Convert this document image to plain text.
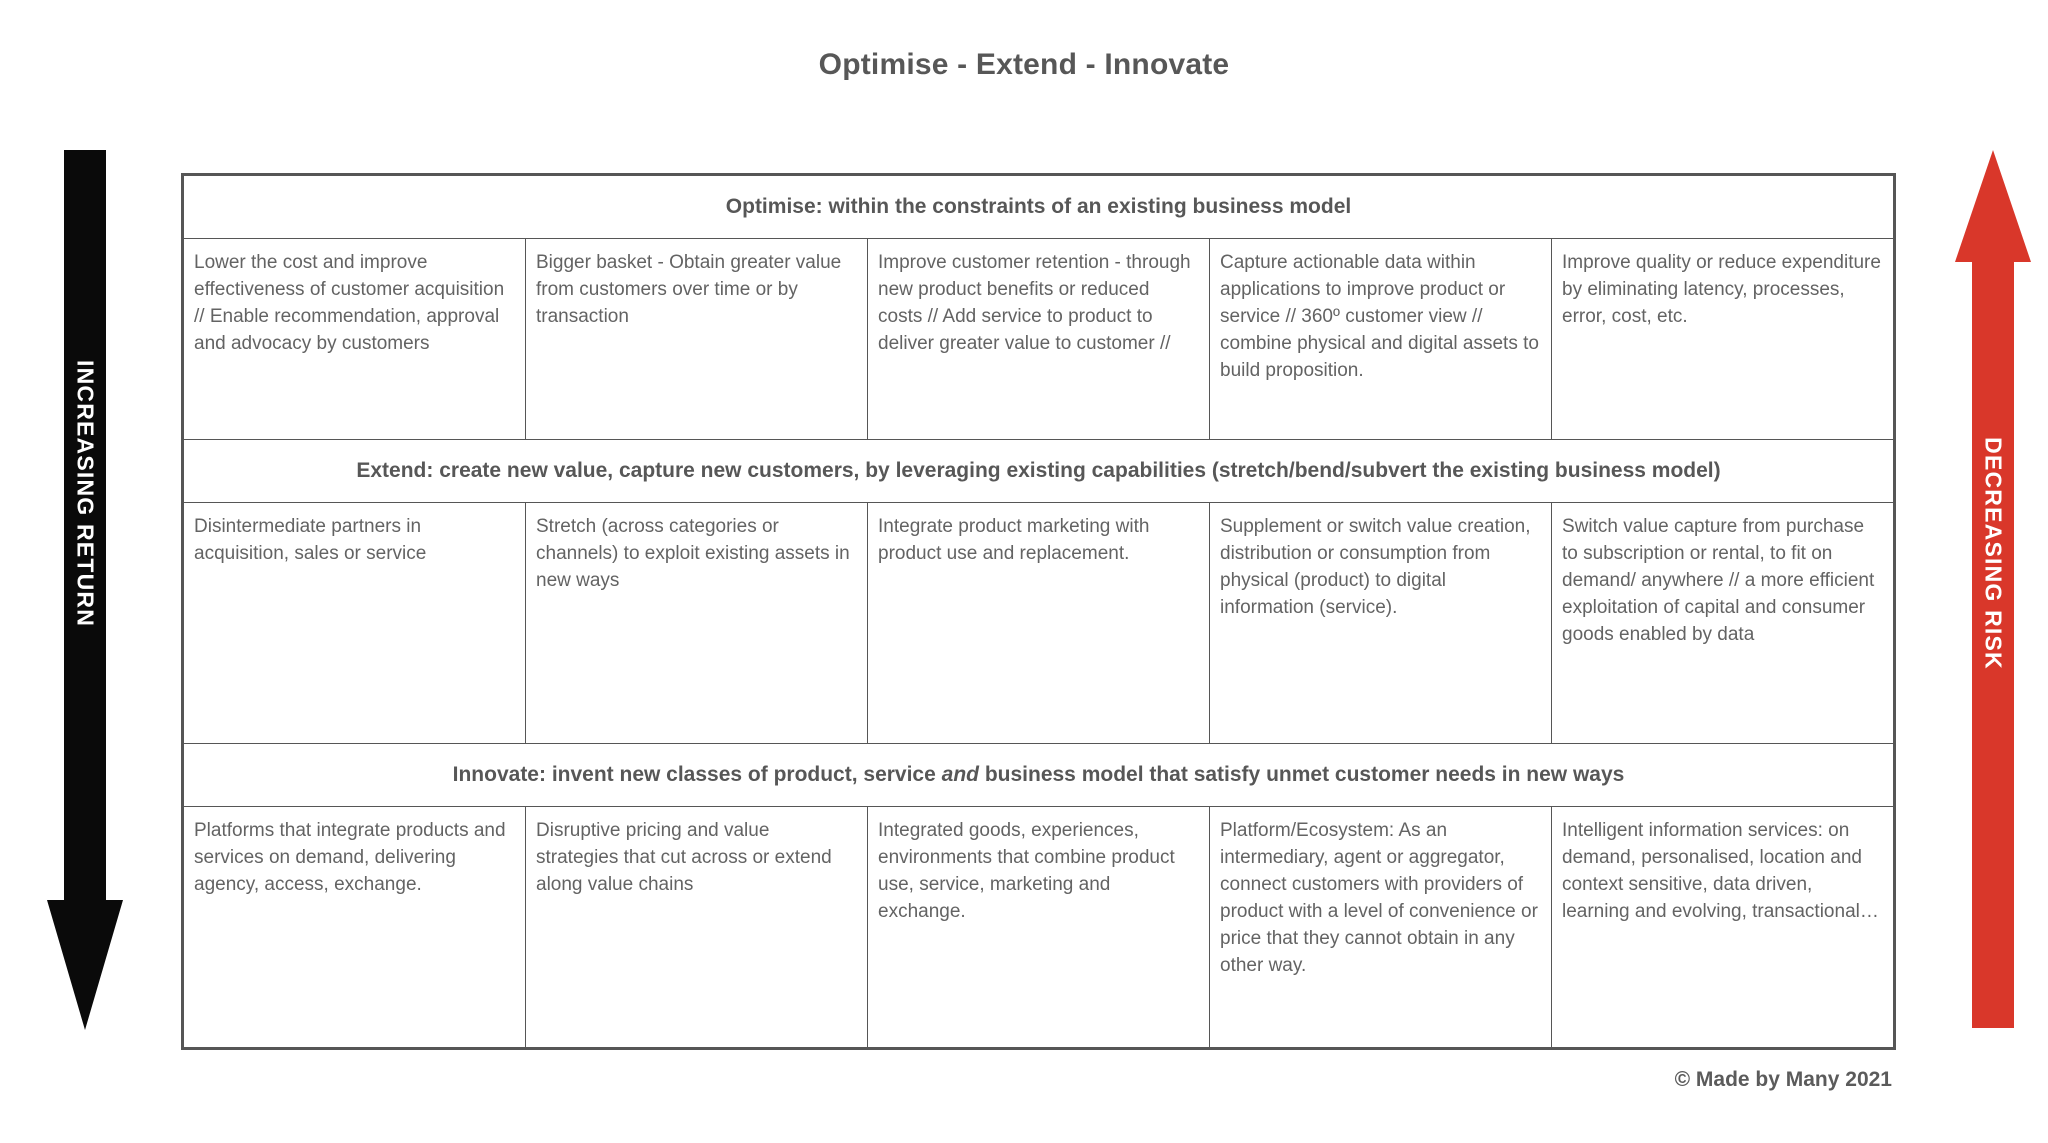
Optimise - Extend - Innovate
INCREASING RETURN	DECREASING RISK
Optimise: within the constraints of an existing business model				
Lower the cost and improve effectiveness of customer acquisition // Enable recommendation, approval and advocacy by customers	Bigger basket - Obtain greater value from customers over time or by transaction	Improve customer retention - through new product benefits or reduced costs // Add service to product to deliver greater value to customer //	Capture actionable data within applications to improve product or service // 360º customer view // combine physical and digital assets to build proposition.	Improve quality or reduce expenditure by eliminating latency, processes, error, cost, etc.
Extend: create new value, capture new customers, by leveraging existing capabilities (stretch/bend/subvert the existing business model)				
Disintermediate partners in acquisition, sales or service	Stretch (across categories or channels) to exploit existing assets in new ways	Integrate product marketing with product use and replacement.	Supplement or switch value creation, distribution or consumption from physical (product) to digital information (service).	Switch value capture from purchase to subscription or rental, to fit on demand/ anywhere // a more efficient exploitation of capital and consumer goods enabled by data
Innovate: invent new classes of product, service and business model that satisfy unmet customer needs in new ways				
Platforms that integrate products and services on demand, delivering agency, access, exchange.	Disruptive pricing and value strategies that cut across or extend along value chains	Integrated goods, experiences, environments that combine product use, service, marketing and exchange.	Platform/Ecosystem: As an intermediary, agent or aggregator, connect customers with providers of product with a level of convenience or price that they cannot obtain in any other way.	Intelligent information services: on demand, personalised, location and context sensitive, data driven, learning and evolving, transactional…
© Made by Many 2021
